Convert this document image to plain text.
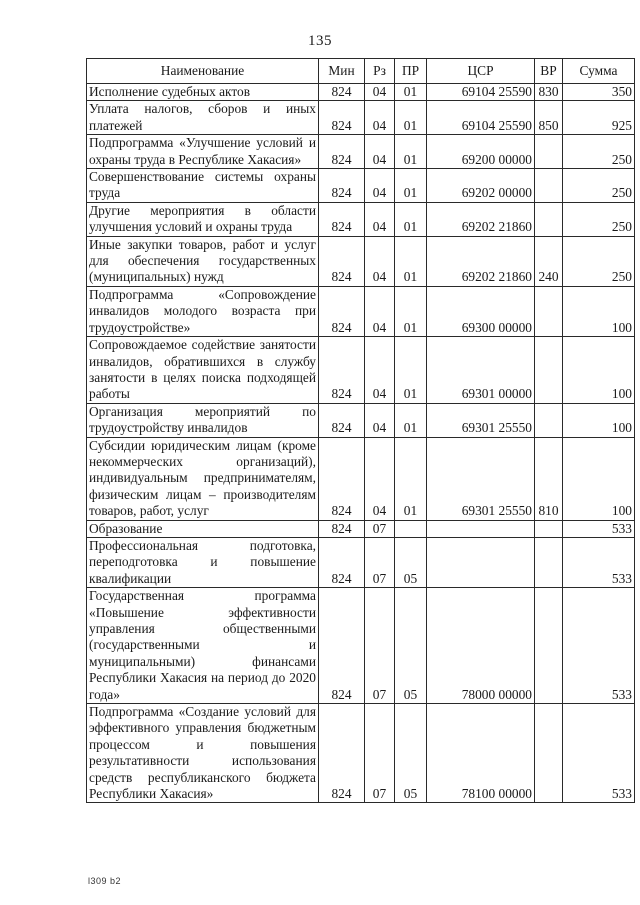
135
Наименование	Мин	Рз	ПР	ЦСР	ВР	Сумма
Исполнение судебных актов	824	04	01	69104 25590	830	350
Уплата налогов, сборов и иных платежей	824	04	01	69104 25590	850	925
Подпрограмма «Улучшение условий и охраны труда в Республике Хакасия»	824	04	01	69200 00000		250
Совершенствование системы охраны труда	824	04	01	69202 00000		250
Другие мероприятия в области улучшения условий и охраны труда	824	04	01	69202 21860		250
Иные закупки товаров, работ и услуг для обеспечения государственных (муниципальных) нужд	824	04	01	69202 21860	240	250
Подпрограмма «Сопровождение инвалидов молодого возраста при трудоустройстве»	824	04	01	69300 00000		100
Сопровождаемое содействие занятости инвалидов, обратившихся в службу занятости в целях поиска подходящей работы	824	04	01	69301 00000		100
Организация мероприятий по трудоустройству инвалидов	824	04	01	69301 25550		100
Субсидии юридическим лицам (кроме некоммерческих организаций), индивидуальным предпринимателям, физическим лицам – производителям товаров, работ, услуг	824	04	01	69301 25550	810	100
Образование	824	07				533
Профессиональная подготовка, переподготовка и повышение квалификации	824	07	05			533
Государственная программа «Повышение эффективности управления общественными (государственными и муниципальными) финансами Республики Хакасия на период до 2020 года»	824	07	05	78000 00000		533
Подпрограмма «Создание условий для эффективного управления бюджетным процессом и повышения результативности использования средств республиканского бюджета Республики Хакасия»	824	07	05	78100 00000		533
l309 b2
